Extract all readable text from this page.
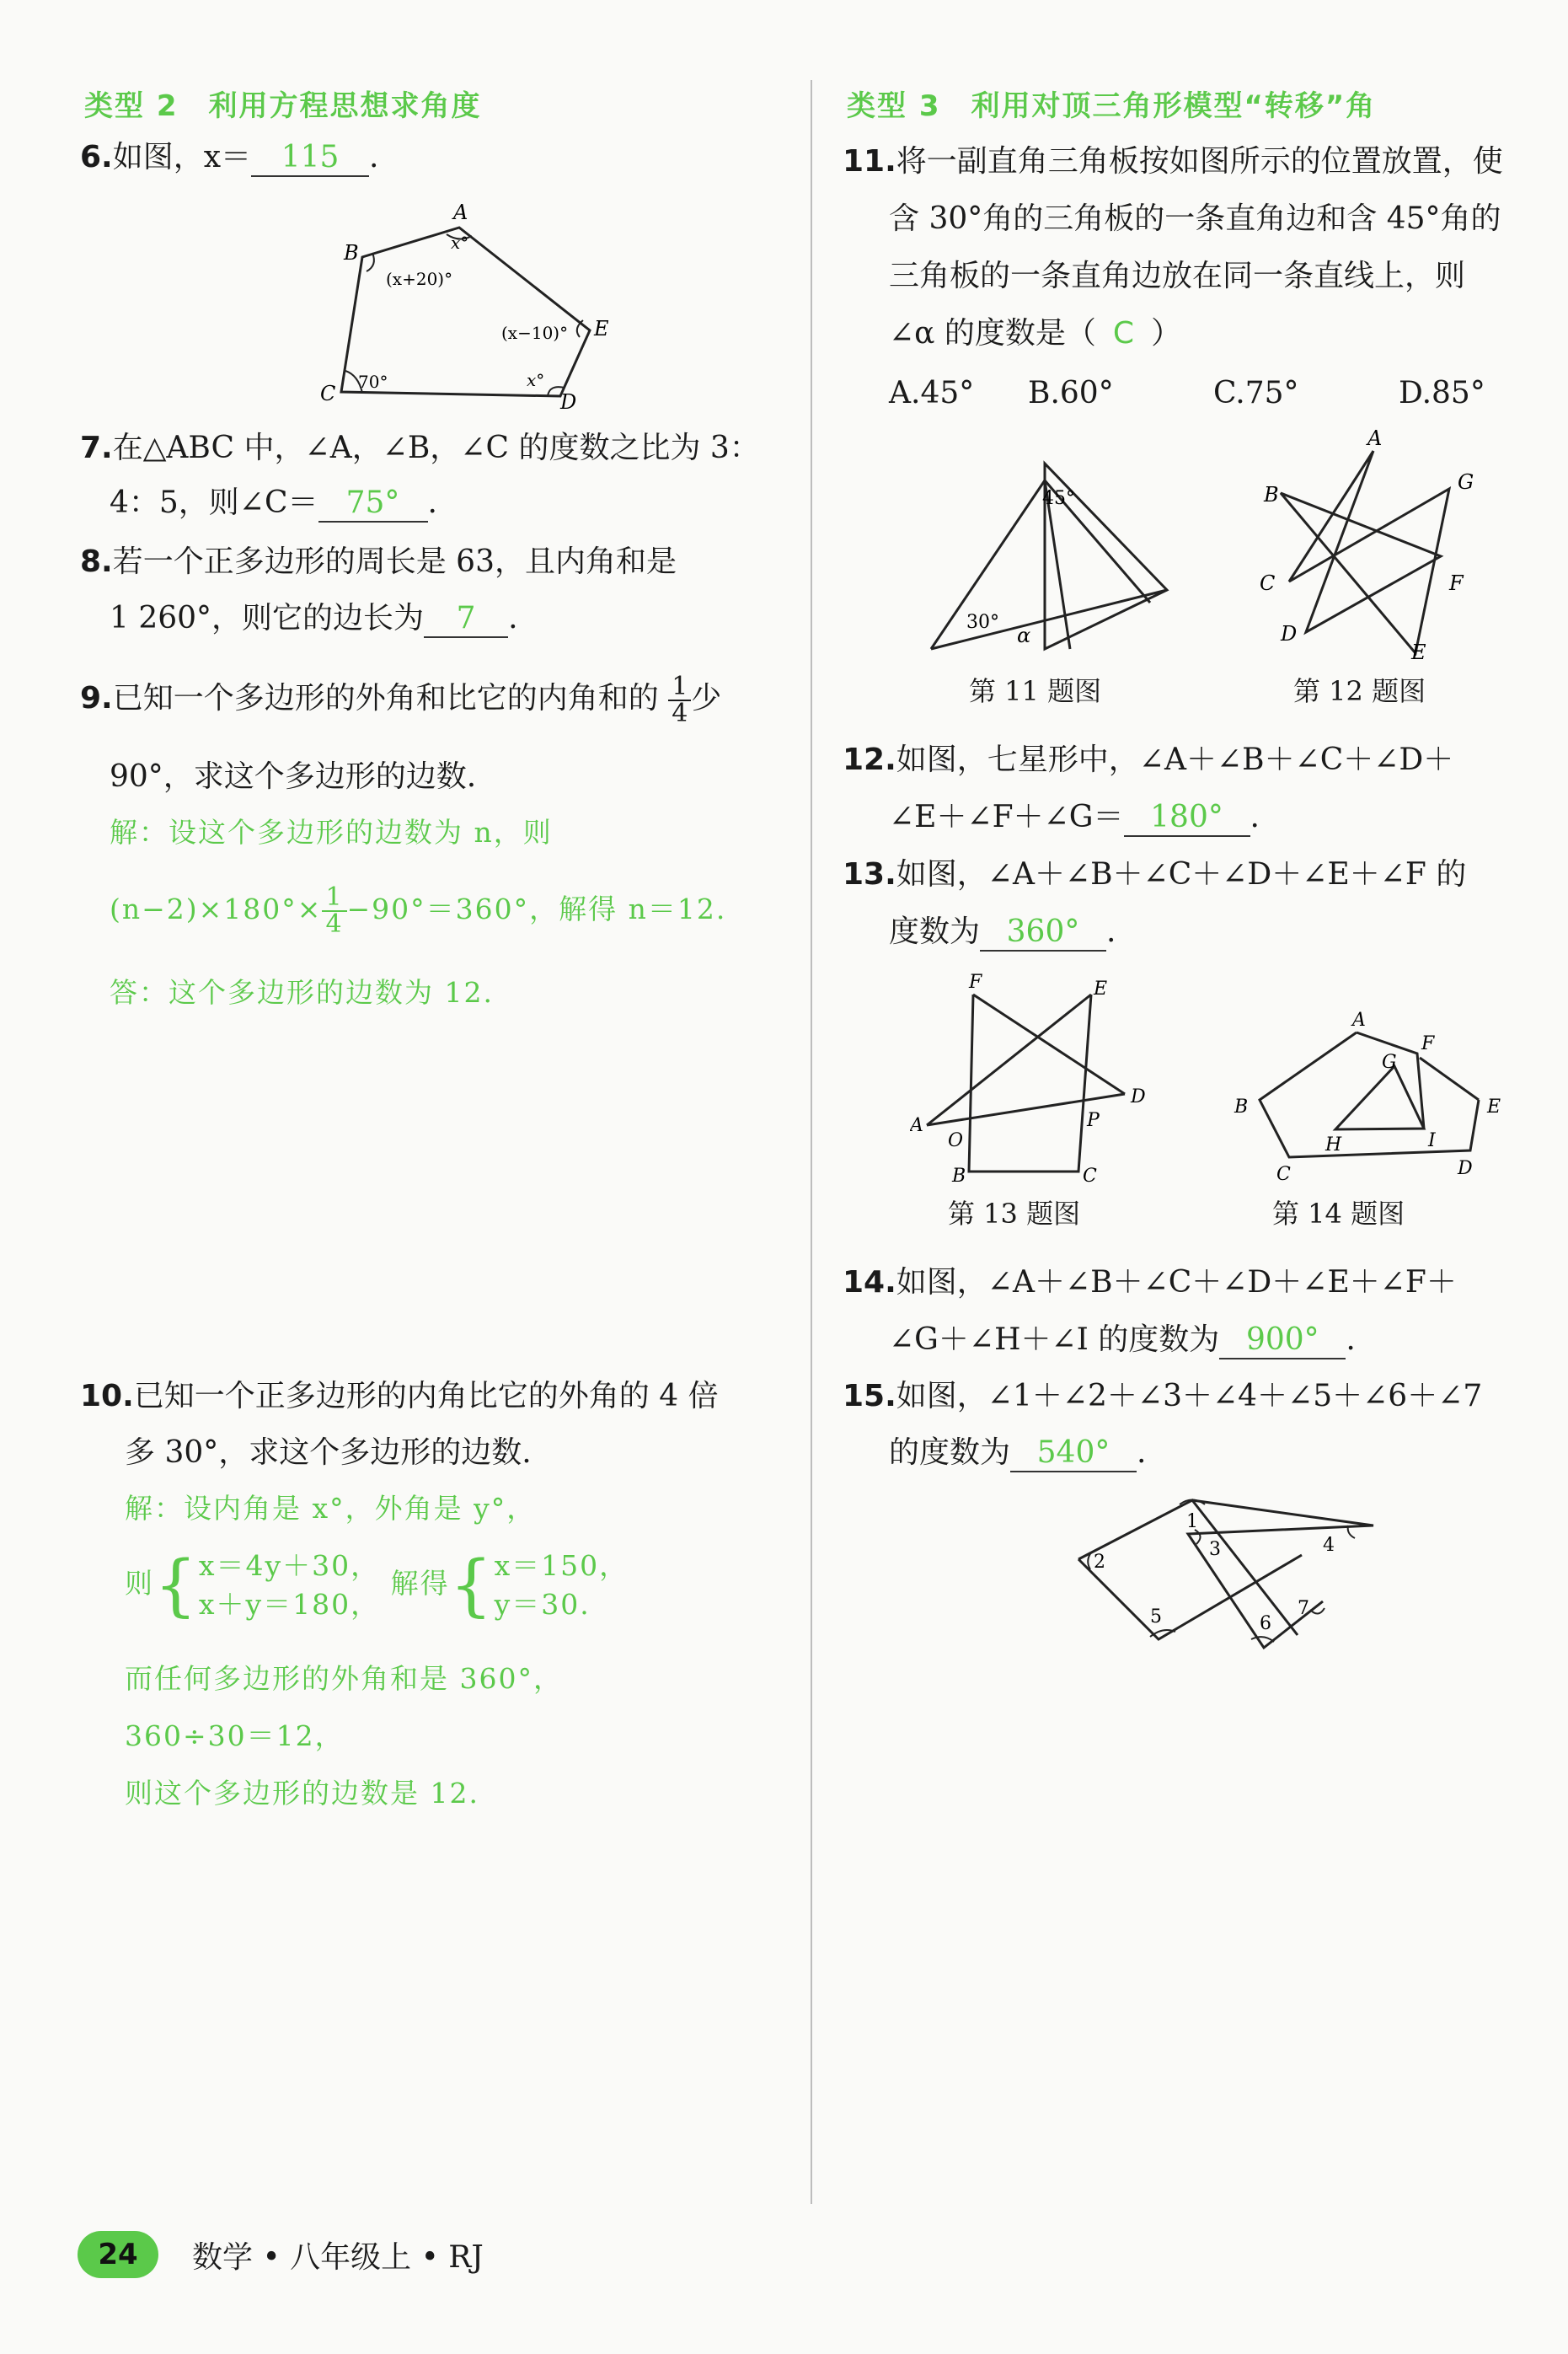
类型 2　利用方程思想求角度
6.如图，x＝ 115 .
A
B
C	D
E
x°
(x+20)°
(x−10)°
x°
70°
7.在△ABC 中，∠A，∠B，∠C 的度数之比为 3：
4：5，则∠C＝ 75° .
8.若一个正多边形的周长是 63，且内角和是
1 260°，则它的边长为 7 .
9.已知一个多边形的外角和比它的内角和的 $\frac{1}{4}$ 少
90°，求这个多边形的边数.
解：设这个多边形的边数为 n，则
$(n-2)\times 180^\circ\times \frac{1}{4} -90^\circ=360^\circ$，解得 n＝12.
答：这个多边形的边数为 12.
10.已知一个正多边形的内角比它的外角的 4 倍
多 30°，求这个多边形的边数.
解：设内角是 x°，外角是 y°，
则{ x＝4y＋30，
x＋y＝180，
解得{ x＝150，
y＝30.
而任何多边形的外角和是 360°，
360÷30＝12，
则这个多边形的边数是 12.
类型 3　利用对顶三角形模型“转移”角
11.将一副直角三角板按如图所示的位置放置，使
含 30°角的三角板的一条直角边和含 45°角的
三角板的一条直角边放在同一条直线上，则
∠α 的度数是（ C ）
A.45° B.60°	C.75°	D.85°
45°
30°
α
第 11 题图
A
B
C
D
E
F
G
第 12 题图
12.如图，七星形中，∠A＋∠B＋∠C＋∠D＋
∠E＋∠F＋∠G＝ 180° .
13.如图，∠A＋∠B＋∠C＋∠D＋∠E＋∠F 的
度数为 360° .
F	E
D
A
O
P
B	C
第 13 题图
A
F
G
B	E
H	I
C	D
第 14 题图
14.如图，∠A＋∠B＋∠C＋∠D＋∠E＋∠F＋
∠G＋∠H＋∠I 的度数为 900° .
15.如图，∠1＋∠2＋∠3＋∠4＋∠5＋∠6＋∠7
的度数为 540° .
1
2
3	4
5	6
7
24	数学 • 八年级上 • RJ
